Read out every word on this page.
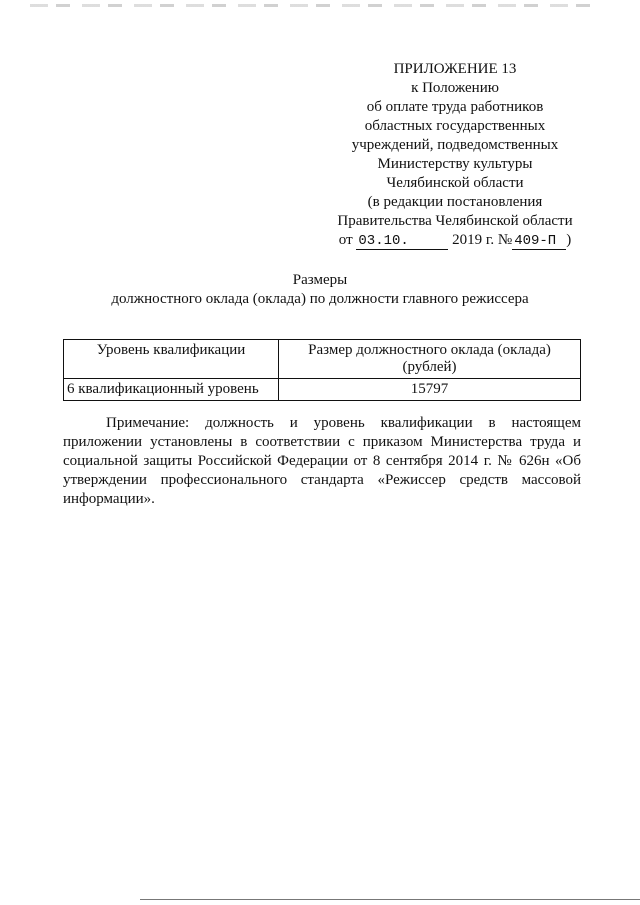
ПРИЛОЖЕНИЕ 13
к Положению
об оплате труда работников
областных государственных
учреждений, подведомственных
Министерству культуры
Челябинской области
(в редакции постановления
Правительства Челябинской области
от 03.10.	2019 г. № 409-П )
Размеры
должностного оклада (оклада) по должности главного режиссера
Уровень квалификации	Размер должностного оклада (оклада) (рублей)
6 квалификационный уровень	15797
Примечание: должность и уровень квалификации в настоящем приложении установлены в соответствии с приказом Министерства труда и социальной защиты Российской Федерации от 8 сентября 2014 г. № 626н «Об утверждении профессионального стандарта «Режиссер средств массовой информации».
